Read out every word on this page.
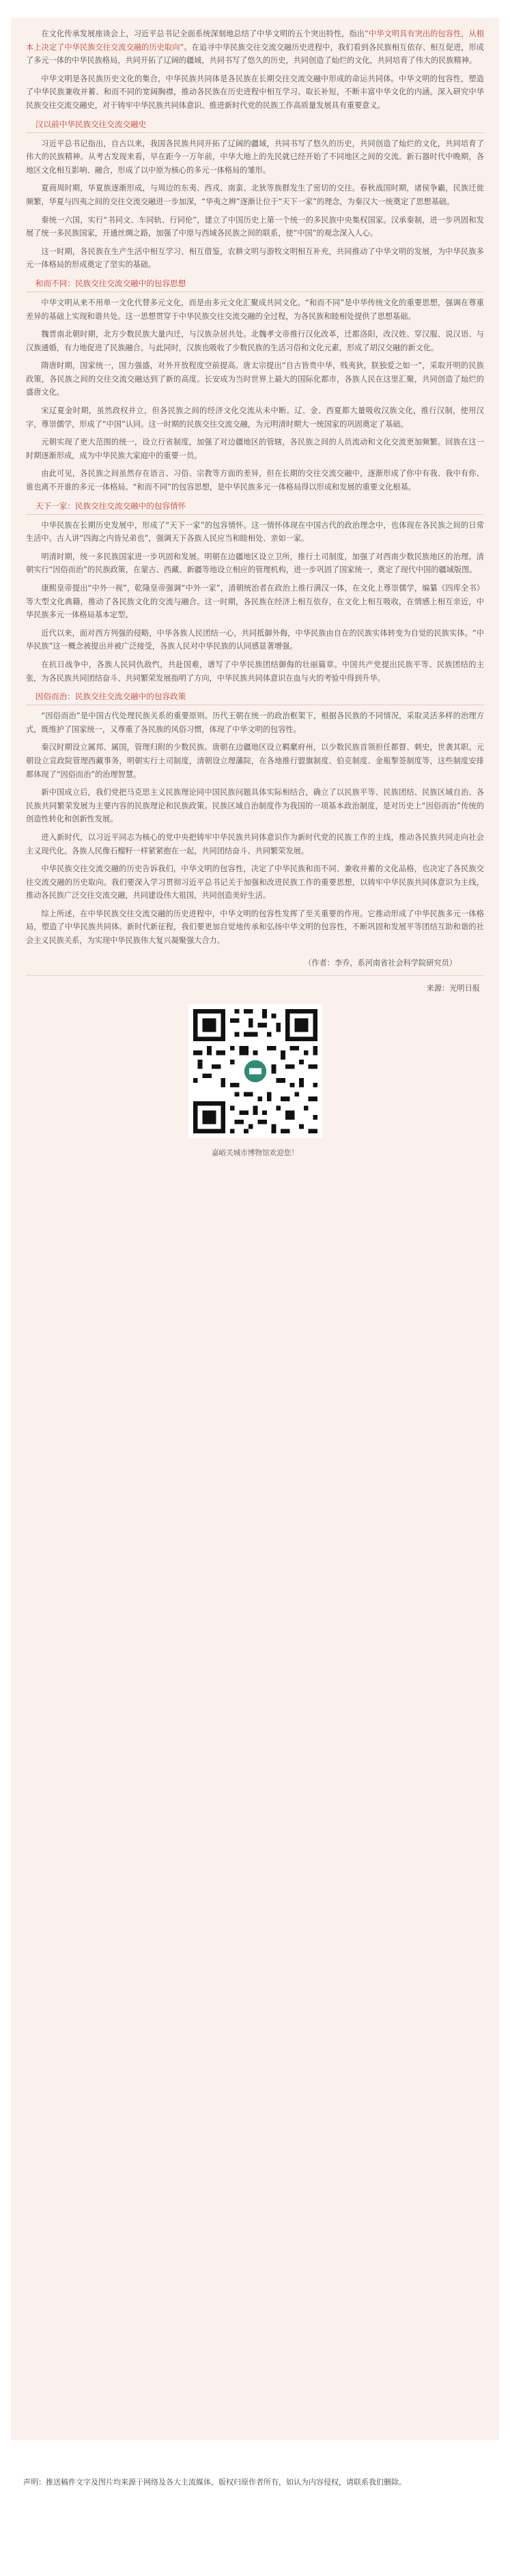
在文化传承发展座谈会上，习近平总书记全面系统深刻地总结了中华文明的五个突出特性，指出“中华文明具有突出的包容性，从根本上决定了中华民族交往交流交融的历史取向”。在追寻中华民族交往交流交融历史进程中，我们看到各民族相互依存、相互促进，形成了多元一体的中华民族格局，共同开拓了辽阔的疆域，共同书写了悠久的历史，共同创造了灿烂的文化，共同培育了伟大的民族精神。

中华文明是各民族历史文化的集合，中华民族共同体是各民族在长期交往交流交融中形成的命运共同体。中华文明的包容性，塑造了中华民族兼收并蓄、和而不同的宽阔胸襟，推动各民族在历史进程中相互学习、取长补短，不断丰富中华文化的内涵。深入研究中华民族交往交流交融史，对于铸牢中华民族共同体意识、推进新时代党的民族工作高质量发展具有重要意义。

汉以前中华民族交往交流交融史

习近平总书记指出，自古以来，我国各民族共同开拓了辽阔的疆域，共同书写了悠久的历史，共同创造了灿烂的文化，共同培育了伟大的民族精神。从考古发现来看，早在距今一万年前，中华大地上的先民就已经开始了不同地区之间的交流。新石器时代中晚期，各地区文化相互影响、融合，形成了以中原为核心的多元一体格局的雏形。

夏商周时期，华夏族逐渐形成，与周边的东夷、西戎、南蛮、北狄等族群发生了密切的交往。春秋战国时期，诸侯争霸，民族迁徙频繁，华夏与四夷之间的交往交流交融进一步加深，“华夷之辨”逐渐让位于“天下一家”的理念，为秦汉大一统奠定了思想基础。

秦统一六国，实行“书同文、车同轨、行同伦”，建立了中国历史上第一个统一的多民族中央集权国家。汉承秦制，进一步巩固和发展了统一多民族国家，开通丝绸之路，加强了中原与西域各民族之间的联系，使“中国”的观念深入人心。

这一时期，各民族在生产生活中相互学习、相互借鉴，农耕文明与游牧文明相互补充，共同推动了中华文明的发展，为中华民族多元一体格局的形成奠定了坚实的基础。

和而不同：民族交往交流交融中的包容思想

中华文明从来不用单一文化代替多元文化，而是由多元文化汇聚成共同文化。“和而不同”是中华传统文化的重要思想，强调在尊重差异的基础上实现和谐共处。这一思想贯穿于中华民族交往交流交融的全过程，为各民族和睦相处提供了思想基础。

魏晋南北朝时期，北方少数民族大量内迁，与汉族杂居共处。北魏孝文帝推行汉化改革，迁都洛阳，改汉姓、穿汉服、说汉语、与汉族通婚，有力地促进了民族融合。与此同时，汉族也吸收了少数民族的生活习俗和文化元素，形成了胡汉交融的新文化。

隋唐时期，国家统一，国力强盛，对外开放程度空前提高。唐太宗提出“自古皆贵中华，贱夷狄，朕独爱之如一”，采取开明的民族政策，各民族之间的交往交流交融达到了新的高度。长安成为当时世界上最大的国际化都市，各族人民在这里汇聚，共同创造了灿烂的盛唐文化。

宋辽夏金时期，虽然政权并立，但各民族之间的经济文化交流从未中断。辽、金、西夏都大量吸收汉族文化，推行汉制，使用汉字，尊崇儒学，形成了“中国”认同。这一时期的民族交往交流交融，为元明清时期大一统国家的巩固奠定了基础。

元朝实现了更大范围的统一，设立行省制度，加强了对边疆地区的管辖，各民族之间的人员流动和文化交流更加频繁。回族在这一时期逐渐形成，成为中华民族大家庭中的重要一员。

由此可见，各民族之间虽然存在语言、习俗、宗教等方面的差异，但在长期的交往交流交融中，逐渐形成了你中有我、我中有你、谁也离不开谁的多元一体格局。“和而不同”的包容思想，是中华民族多元一体格局得以形成和发展的重要文化根基。

天下一家：民族交往交流交融中的包容情怀

中华民族在长期历史发展中，形成了“天下一家”的包容情怀。这一情怀体现在中国古代的政治理念中，也体现在各民族之间的日常生活中。古人讲“四海之内皆兄弟也”，强调天下各族人民应当和睦相处、亲如一家。

明清时期，统一多民族国家进一步巩固和发展。明朝在边疆地区设立卫所，推行土司制度，加强了对西南少数民族地区的治理。清朝实行“因俗而治”的民族政策，在蒙古、西藏、新疆等地设立相应的管理机构，进一步巩固了国家统一，奠定了现代中国的疆域版图。

康熙皇帝提出“中外一视”，乾隆皇帝强调“中外一家”，清朝统治者在政治上推行满汉一体，在文化上尊崇儒学，编纂《四库全书》等大型文化典籍，推动了各民族文化的交流与融合。这一时期，各民族在经济上相互依存，在文化上相互吸收，在情感上相互亲近，中华民族多元一体格局基本定型。

近代以来，面对西方列强的侵略，中华各族人民团结一心，共同抵御外侮，中华民族由自在的民族实体转变为自觉的民族实体。“中华民族”这一概念被提出并被广泛接受，各族人民对中华民族的认同感显著增强。

在抗日战争中，各族人民同仇敌忾，共赴国难，谱写了中华民族团结御侮的壮丽篇章。中国共产党提出民族平等、民族团结的主张，为各民族共同团结奋斗、共同繁荣发展指明了方向，中华民族共同体意识在血与火的考验中得到升华。

因俗而治：民族交往交流交融中的包容政策

“因俗而治”是中国古代处理民族关系的重要原则。历代王朝在统一的政治框架下，根据各民族的不同情况，采取灵活多样的治理方式，既维护了国家统一，又尊重了各民族的风俗习惯，体现了中华文明的包容性。

秦汉时期设立属邦、属国，管理归附的少数民族。唐朝在边疆地区设立羁縻府州，以少数民族首领担任都督、刺史，世袭其职。元朝设立宣政院管理西藏事务，明朝实行土司制度，清朝设立理藩院，在各地推行盟旗制度、伯克制度、金瓶掣签制度等，这些制度安排都体现了“因俗而治”的治理智慧。

新中国成立后，我们党把马克思主义民族理论同中国民族问题具体实际相结合，确立了以民族平等、民族团结、民族区域自治、各民族共同繁荣发展为主要内容的民族理论和民族政策。民族区域自治制度作为我国的一项基本政治制度，是对历史上“因俗而治”传统的创造性转化和创新性发展。

进入新时代，以习近平同志为核心的党中央把铸牢中华民族共同体意识作为新时代党的民族工作的主线，推动各民族共同走向社会主义现代化。各族人民像石榴籽一样紧紧抱在一起，共同团结奋斗、共同繁荣发展。

中华民族交往交流交融的历史告诉我们，中华文明的包容性，决定了中华民族和而不同、兼收并蓄的文化品格，也决定了各民族交往交流交融的历史取向。我们要深入学习贯彻习近平总书记关于加强和改进民族工作的重要思想，以铸牢中华民族共同体意识为主线，推动各民族广泛交往交流交融，共同建设伟大祖国，共同创造美好生活。

综上所述，在中华民族交往交流交融的历史进程中，中华文明的包容性发挥了至关重要的作用。它推动形成了中华民族多元一体格局，塑造了中华民族共同体。新时代新征程，我们要更加自觉地传承和弘扬中华文明的包容性，不断巩固和发展平等团结互助和谐的社会主义民族关系，为实现中华民族伟大复兴凝聚强大合力。

（作者：李乔，系河南省社会科学院研究员）
来源：光明日报
嘉峪关城市博物馆欢迎您！
声明：推送稿件文字及图片均来源于网络及各大主流媒体，版权归原作者所有，如认为内容侵权，请联系我们删除。
